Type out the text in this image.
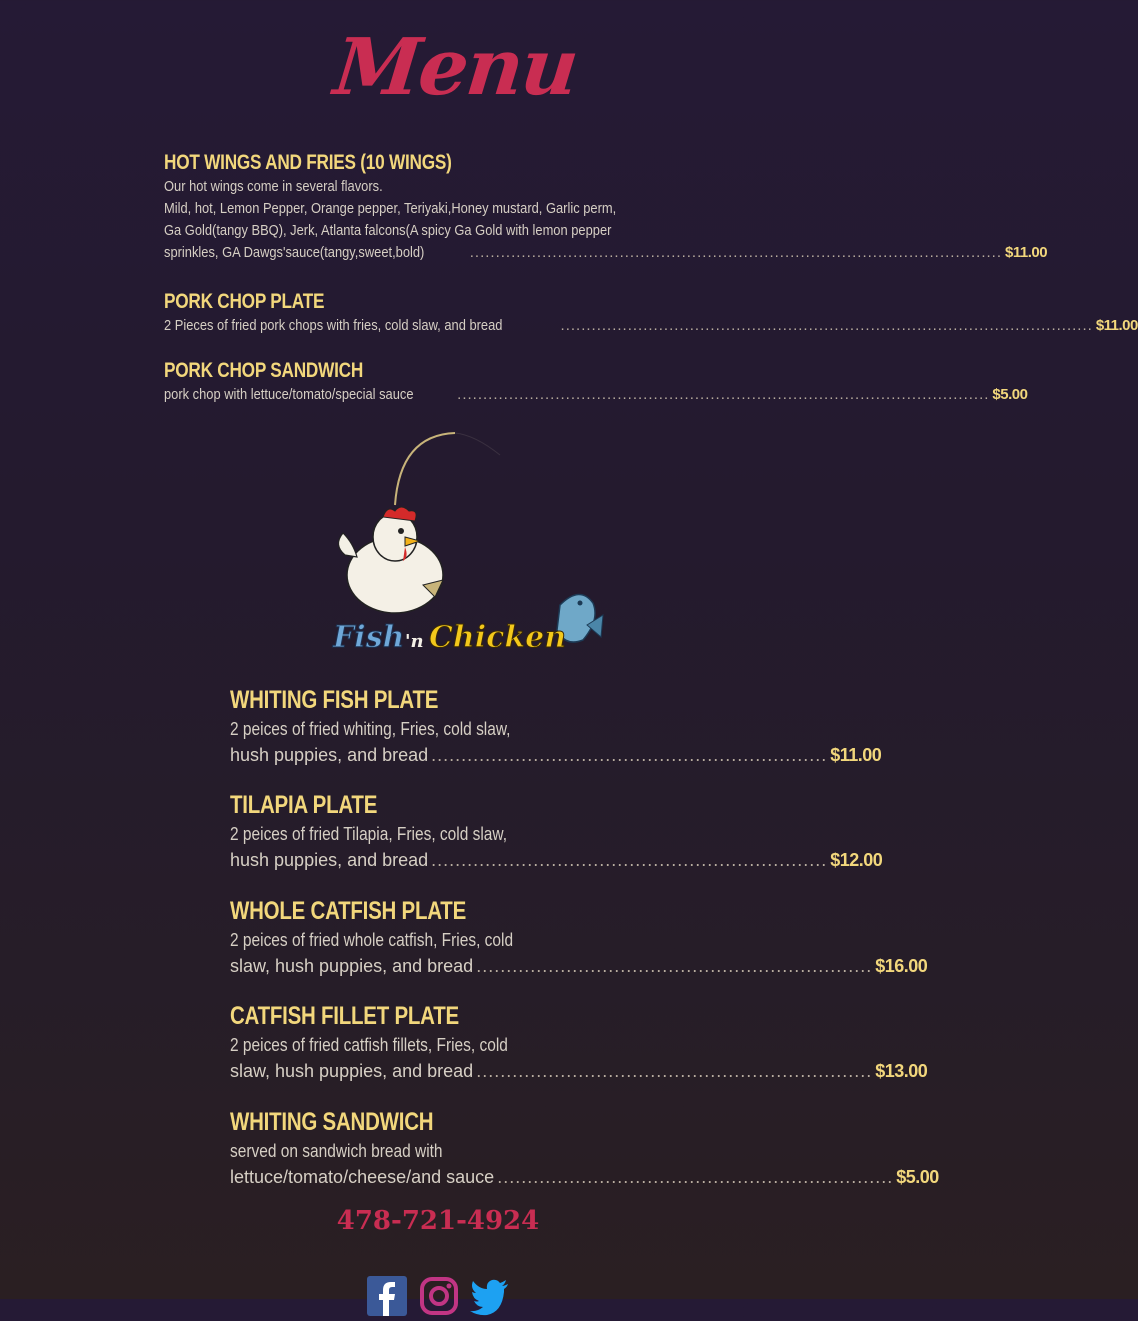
Menu
HOT WINGS AND FRIES (10 WINGS)
Our hot wings come in several flavors.
Mild, hot, Lemon Pepper, Orange pepper, Teriyaki,Honey mustard, Garlic perm,
Ga Gold(tangy BBQ), Jerk, Atlanta falcons(A spicy Ga Gold with lemon pepper
sprinkles, GA Dawgs'sauce(tangy,sweet,bold)	....................................................................................................... $11.00
PORK CHOP PLATE
2 Pieces of fried pork chops with fries, cold slaw, and bread	....................................................................................................... $11.00
PORK CHOP SANDWICH
pork chop with lettuce/tomato/special sauce	....................................................................................................... $5.00
Fish 'n Chicken
WHITING FISH PLATE
2 peices of fried whiting, Fries, cold slaw,
hush puppies, and bread .................................................................. $11.00
TILAPIA PLATE
2 peices of fried Tilapia, Fries, cold slaw,
hush puppies, and bread .................................................................. $12.00
WHOLE CATFISH PLATE
2 peices of fried whole catfish, Fries, cold
slaw, hush puppies, and bread .................................................................. $16.00
CATFISH FILLET PLATE
2 peices of fried catfish fillets, Fries, cold
slaw, hush puppies, and bread .................................................................. $13.00
WHITING SANDWICH
served on sandwich bread with
lettuce/tomato/cheese/and sauce .................................................................. $5.00
478-721-4924
